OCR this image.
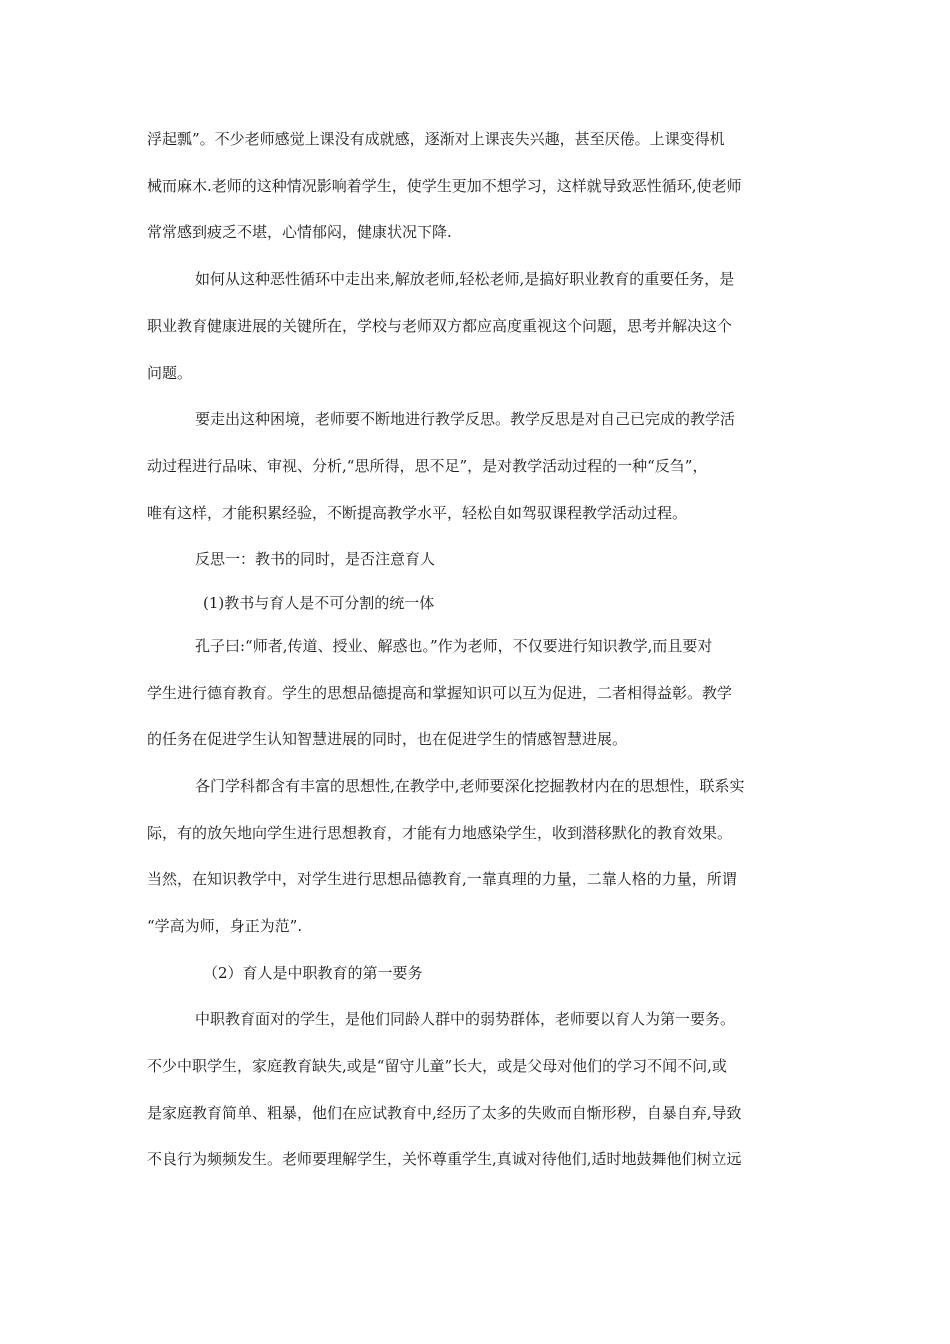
浮起瓢”。不少老师感觉上课没有成就感，逐渐对上课丧失兴趣，甚至厌倦。上课变得机
械而麻木.老师的这种情况影响着学生，使学生更加不想学习，这样就导致恶性循环,使老师
常常感到疲乏不堪，心情郁闷，健康状况下降.
如何从这种恶性循环中走出来,解放老师,轻松老师,是搞好职业教育的重要任务，是
职业教育健康进展的关键所在，学校与老师双方都应高度重视这个问题，思考并解决这个
问题。
要走出这种困境，老师要不断地进行教学反思。教学反思是对自己已完成的教学活
动过程进行品味、审视、分析,“思所得，思不足”，是对教学活动过程的一种“反刍”，
唯有这样，才能积累经验，不断提高教学水平，轻松自如驾驭课程教学活动过程。
反思一：教书的同时，是否注意育人
(1)教书与育人是不可分割的统一体
孔子曰:“师者,传道、授业、解惑也。”作为老师，不仅要进行知识教学,而且要对
学生进行德育教育。学生的思想品德提高和掌握知识可以互为促进，二者相得益彰。教学
的任务在促进学生认知智慧进展的同时，也在促进学生的情感智慧进展。
各门学科都含有丰富的思想性,在教学中,老师要深化挖掘教材内在的思想性，联系实
际，有的放矢地向学生进行思想教育，才能有力地感染学生，收到潜移默化的教育效果。
当然，在知识教学中，对学生进行思想品德教育,一靠真理的力量，二靠人格的力量，所谓
“学高为师，身正为范”.
（2）育人是中职教育的第一要务
中职教育面对的学生，是他们同龄人群中的弱势群体，老师要以育人为第一要务。
不少中职学生，家庭教育缺失,或是“留守儿童”长大，或是父母对他们的学习不闻不问,或
是家庭教育简单、粗暴，他们在应试教育中,经历了太多的失败而自惭形秽，自暴自弃,导致
不良行为频频发生。老师要理解学生，关怀尊重学生,真诚对待他们,适时地鼓舞他们树立远
